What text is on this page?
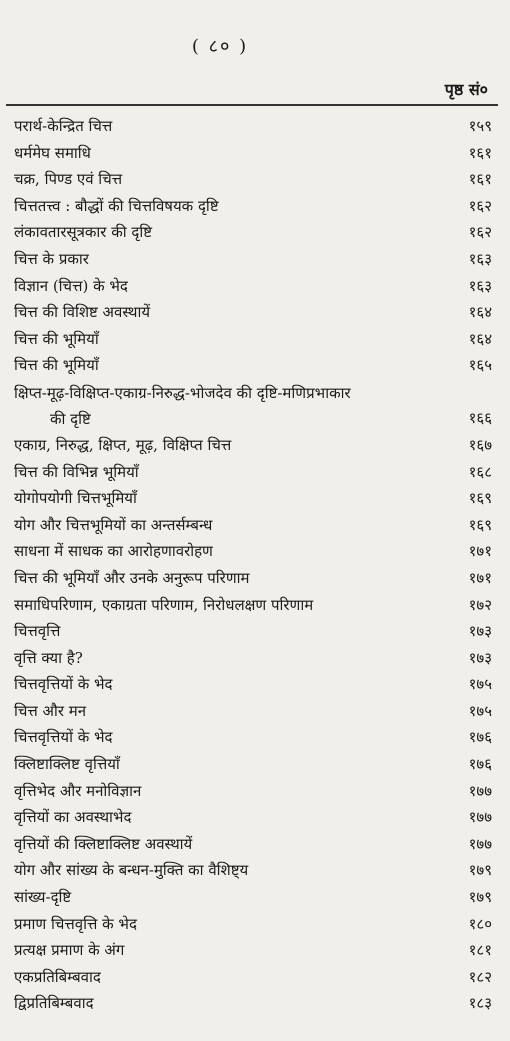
( ८० )
पृष्ठ सं०
परार्थ-केन्द्रित चित्त	१५९
धर्ममेघ समाधि	१६१
चक्र, पिण्ड एवं चित्त	१६१
चित्ततत्त्व : बौद्धों की चित्तविषयक दृष्टि	१६२
लंकावतारसूत्रकार की दृष्टि	१६२
चित्त के प्रकार	१६३
विज्ञान (चित्त) के भेद	१६३
चित्त की विशिष्ट अवस्थायें	१६४
चित्त की भूमियाँ	१६४
चित्त की भूमियाँ	१६५
क्षिप्त-मूढ़-विक्षिप्त-एकाग्र-निरुद्ध-भोजदेव की दृष्टि-मणिप्रभाकार
की दृष्टि	१६६
एकाग्र, निरुद्ध, क्षिप्त, मूढ़, विक्षिप्त चित्त	१६७
चित्त की विभिन्न भूमियाँ	१६८
योगोपयोगी चित्तभूमियाँ	१६९
योग और चित्तभूमियों का अन्तर्सम्बन्ध	१६९
साधना में साधक का आरोहणावरोहण	१७१
चित्त की भूमियाँ और उनके अनुरूप परिणाम	१७१
समाधिपरिणाम, एकाग्रता परिणाम, निरोधलक्षण परिणाम	१७२
चित्तवृत्ति	१७३
वृत्ति क्या है?	१७३
चित्तवृत्तियों के भेद	१७५
चित्त और मन	१७५
चित्तवृत्तियों के भेद	१७६
क्लिष्टाक्लिष्ट वृत्तियाँ	१७६
वृत्तिभेद और मनोविज्ञान	१७७
वृत्तियों का अवस्थाभेद	१७७
वृत्तियों की क्लिष्टाक्लिष्ट अवस्थायें	१७७
योग और सांख्य के बन्धन-मुक्ति का वैशिष्ट्य	१७९
सांख्य-दृष्टि	१७९
प्रमाण चित्तवृत्ति के भेद	१८०
प्रत्यक्ष प्रमाण के अंग	१८१
एकप्रतिबिम्बवाद	१८२
द्विप्रतिबिम्बवाद	१८३
